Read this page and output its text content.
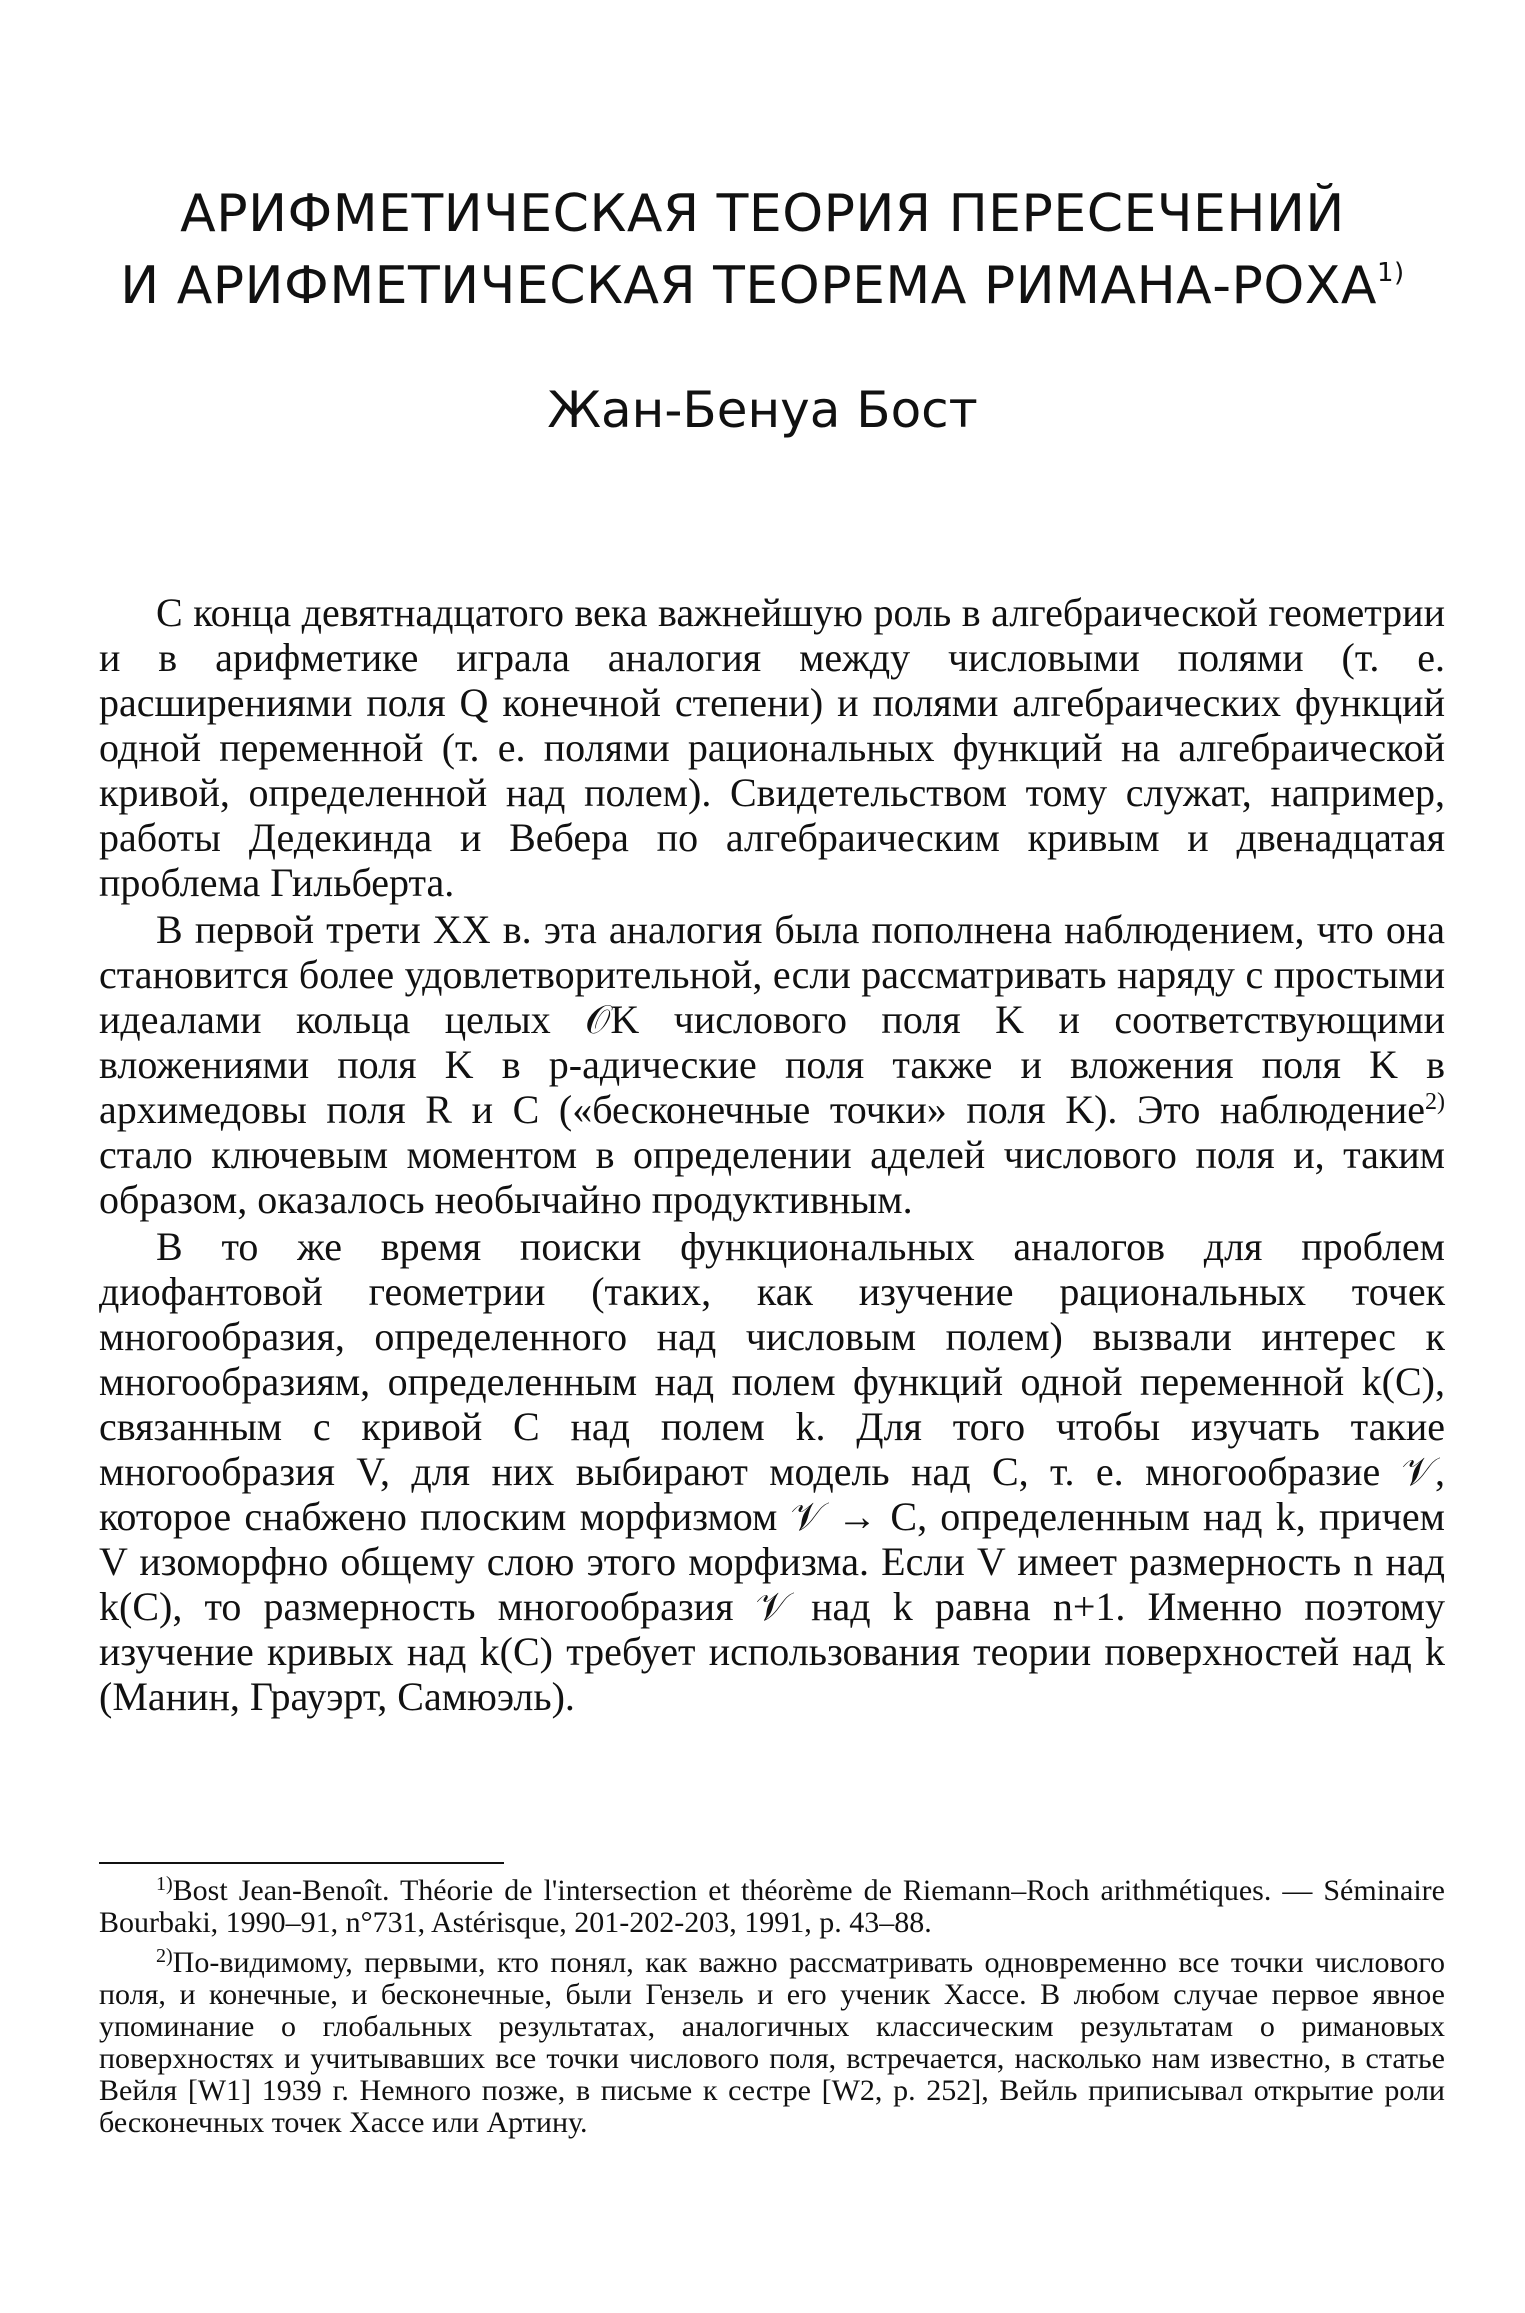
АРИФМЕТИЧЕСКАЯ ТЕОРИЯ ПЕРЕСЕЧЕНИЙ
И АРИФМЕТИЧЕСКАЯ ТЕОРЕМА РИМАНА-РОХА$^{1)}$
Жан-Бенуа Бост

С конца девятнадцатого века важнейшую роль в алгебраической геометрии и в арифметике играла аналогия между числовыми полями (т. е. расширениями поля Q конечной степени) и полями алгебраических функций одной переменной (т. е. полями рациональных функций на алгебраической кривой, определенной над полем). Свидетельством тому служат, например, работы Дедекинда и Вебера по алгебраическим кривым и двенадцатая проблема Гильберта.

В первой трети XX в. эта аналогия была пополнена наблюдением, что она становится более удовлетворительной, если рассматривать наряду с простыми идеалами кольца целых 𝒪K числового поля K и соответствующими вложениями поля K в p-адические поля также и вложения поля K в архимедовы поля R и C («бесконечные точки» поля K). Это наблюдение$^{2)}$ стало ключевым моментом в определении аделей числового поля и, таким образом, оказалось необычайно продуктивным.

В то же время поиски функциональных аналогов для проблем диофантовой геометрии (таких, как изучение рациональных точек многообразия, определенного над числовым полем) вызвали интерес к многообразиям, определенным над полем функций одной переменной k(C), связанным с кривой C над полем k. Для того чтобы изучать такие многообразия V, для них выбирают модель над C, т. е. многообразие 𝒱, которое снабжено плоским морфизмом 𝒱 → C, определенным над k, причем V изоморфно общему слою этого морфизма. Если V имеет размерность n над k(C), то размерность многообразия 𝒱 над k равна n+1. Именно поэтому изучение кривых над k(C) требует использования теории поверхностей над k (Манин, Грауэрт, Самюэль).

$^{1)}$Bost Jean-Benoît. Théorie de l'intersection et théorème de Riemann–Roch arithmétiques. — Séminaire Bourbaki, 1990–91, n°731, Astérisque, 201-202-203, 1991, p. 43–88.

$^{2)}$По-видимому, первыми, кто понял, как важно рассматривать одновременно все точки числового поля, и конечные, и бесконечные, были Гензель и его ученик Хассе. В любом случае первое явное упоминание о глобальных результатах, аналогичных классическим результатам о римановых поверхностях и учитывавших все точки числового поля, встречается, насколько нам известно, в статье Вейля [W1] 1939 г. Немного позже, в письме к сестре [W2, p. 252], Вейль приписывал открытие роли бесконечных точек Хассе или Артину.
